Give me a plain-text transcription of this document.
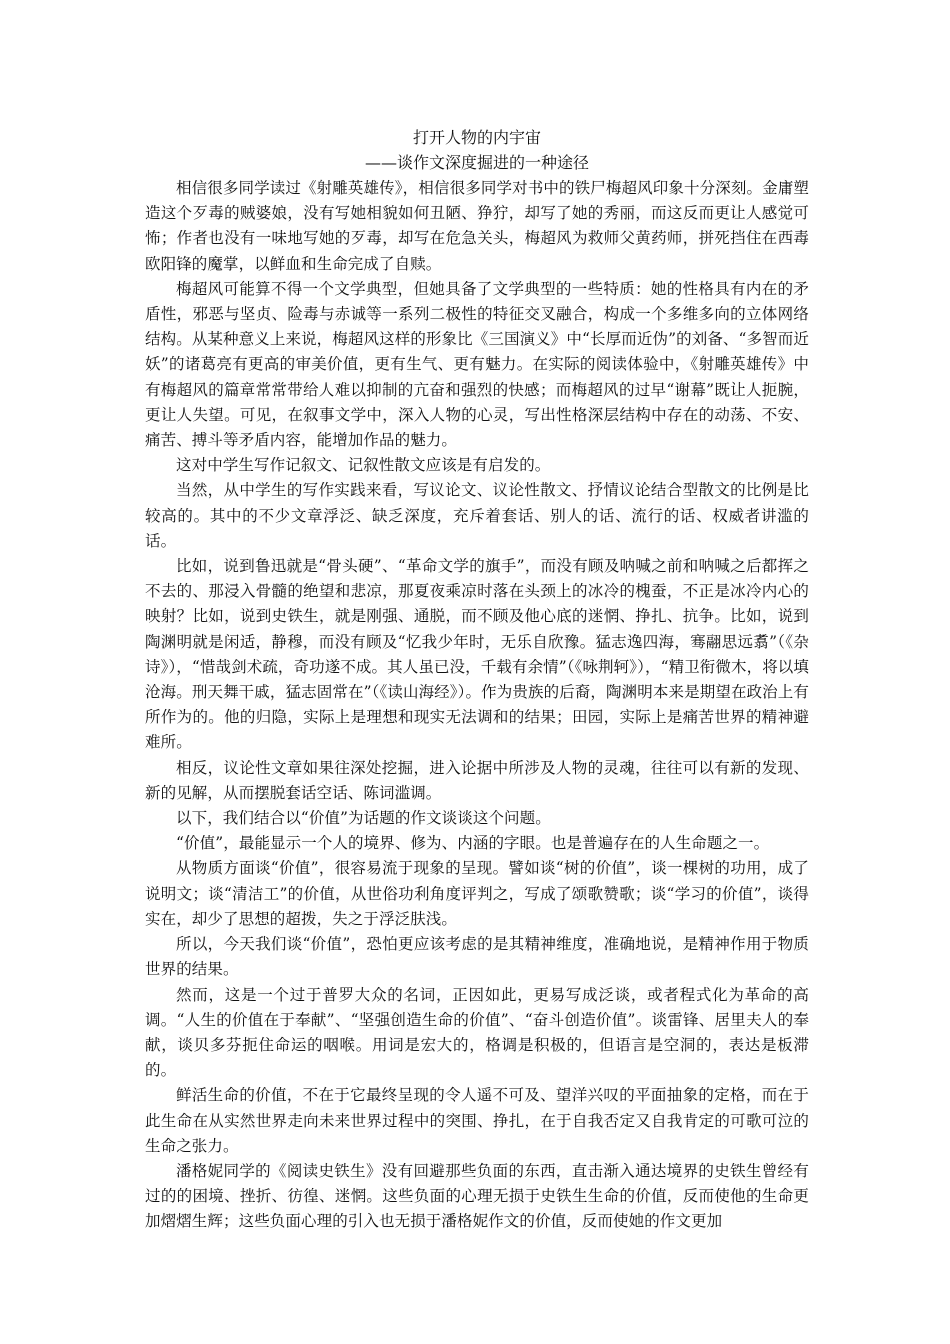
打开人物的内宇宙
——谈作文深度掘进的一种途径

相信很多同学读过《射雕英雄传》，相信很多同学对书中的铁尸梅超风印象十分深刻。金庸塑造这个歹毒的贼婆娘，没有写她相貌如何丑陋、狰狞，却写了她的秀丽，而这反而更让人感觉可怖；作者也没有一味地写她的歹毒，却写在危急关头，梅超风为救师父黄药师，拼死挡住在西毒欧阳锋的魔掌，以鲜血和生命完成了自赎。

梅超风可能算不得一个文学典型，但她具备了文学典型的一些特质：她的性格具有内在的矛盾性，邪恶与坚贞、险毒与赤诚等一系列二极性的特征交叉融合，构成一个多维多向的立体网络结构。从某种意义上来说，梅超风这样的形象比《三国演义》中“长厚而近伪”的刘备、“多智而近妖”的诸葛亮有更高的审美价值，更有生气、更有魅力。在实际的阅读体验中，《射雕英雄传》中有梅超风的篇章常常带给人难以抑制的亢奋和强烈的快感；而梅超风的过早“谢幕”既让人扼腕，更让人失望。可见，在叙事文学中，深入人物的心灵，写出性格深层结构中存在的动荡、不安、痛苦、搏斗等矛盾内容，能增加作品的魅力。

这对中学生写作记叙文、记叙性散文应该是有启发的。

当然，从中学生的写作实践来看，写议论文、议论性散文、抒情议论结合型散文的比例是比较高的。其中的不少文章浮泛、缺乏深度，充斥着套话、别人的话、流行的话、权威者讲滥的话。

比如，说到鲁迅就是“骨头硬”、“革命文学的旗手”，而没有顾及呐喊之前和呐喊之后都挥之不去的、那浸入骨髓的绝望和悲凉，那夏夜乘凉时落在头颈上的冰冷的槐蚕，不正是冰冷内心的映射？比如，说到史铁生，就是刚强、通脱，而不顾及他心底的迷惘、挣扎、抗争。比如，说到陶渊明就是闲适，静穆，而没有顾及“忆我少年时，无乐自欣豫。猛志逸四海，骞翮思远翥”（《杂诗》），“惜哉剑术疏，奇功遂不成。其人虽已没，千载有余情”（《咏荆轲》），“精卫衔微木，将以填沧海。刑天舞干戚，猛志固常在”（《读山海经》）。作为贵族的后裔，陶渊明本来是期望在政治上有所作为的。他的归隐，实际上是理想和现实无法调和的结果；田园，实际上是痛苦世界的精神避难所。

相反，议论性文章如果往深处挖掘，进入论据中所涉及人物的灵魂，往往可以有新的发现、新的见解，从而摆脱套话空话、陈词滥调。

以下，我们结合以“价值”为话题的作文谈谈这个问题。

“价值”，最能显示一个人的境界、修为、内涵的字眼。也是普遍存在的人生命题之一。

从物质方面谈“价值”，很容易流于现象的呈现。譬如谈“树的价值”，谈一棵树的功用，成了说明文；谈“清洁工”的价值，从世俗功利角度评判之，写成了颂歌赞歌；谈“学习的价值”，谈得实在，却少了思想的超拨，失之于浮泛肤浅。

所以，今天我们谈“价值”，恐怕更应该考虑的是其精神维度，准确地说，是精神作用于物质世界的结果。

然而，这是一个过于普罗大众的名词，正因如此，更易写成泛谈，或者程式化为革命的高调。“人生的价值在于奉献”、“坚强创造生命的价值”、“奋斗创造价值”。谈雷锋、居里夫人的奉献，谈贝多芬扼住命运的咽喉。用词是宏大的，格调是积极的，但语言是空洞的，表达是板滞的。

鲜活生命的价值，不在于它最终呈现的令人遥不可及、望洋兴叹的平面抽象的定格，而在于此生命在从实然世界走向未来世界过程中的突围、挣扎，在于自我否定又自我肯定的可歌可泣的生命之张力。

潘格妮同学的《阅读史铁生》没有回避那些负面的东西，直击渐入通达境界的史铁生曾经有过的的困境、挫折、彷徨、迷惘。这些负面的心理无损于史铁生生命的价值，反而使他的生命更加熠熠生辉；这些负面心理的引入也无损于潘格妮作文的价值，反而使她的作文更加
